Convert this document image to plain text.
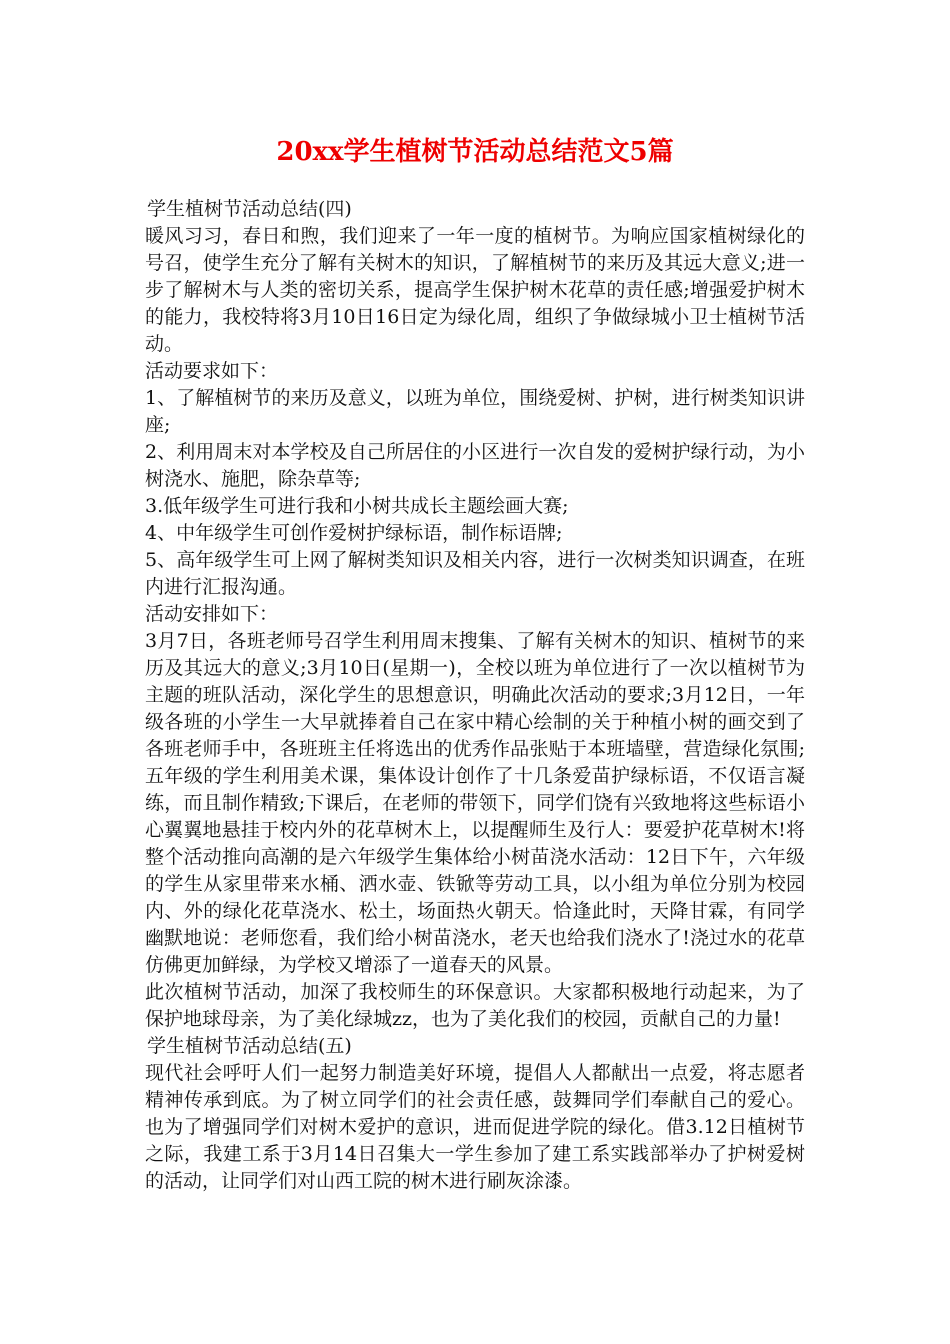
20xx学生植树节活动总结范文5篇

学生植树节活动总结(四)

暖风习习，春日和煦，我们迎来了一年一度的植树节。为响应国家植树绿化的号召，使学生充分了解有关树木的知识，了解植树节的来历及其远大意义;进一步了解树木与人类的密切关系，提高学生保护树木花草的责任感;增强爱护树木的能力，我校特将3月10日16日定为绿化周，组织了争做绿城小卫士植树节活动。

活动要求如下：

1、了解植树节的来历及意义，以班为单位，围绕爱树、护树，进行树类知识讲座;

2、利用周末对本学校及自己所居住的小区进行一次自发的爱树护绿行动，为小树浇水、施肥，除杂草等;

3.低年级学生可进行我和小树共成长主题绘画大赛;

4、中年级学生可创作爱树护绿标语，制作标语牌;

5、高年级学生可上网了解树类知识及相关内容，进行一次树类知识调查，在班内进行汇报沟通。

活动安排如下：

3月7日，各班老师号召学生利用周末搜集、了解有关树木的知识、植树节的来历及其远大的意义;3月10日(星期一)，全校以班为单位进行了一次以植树节为主题的班队活动，深化学生的思想意识，明确此次活动的要求;3月12日，一年级各班的小学生一大早就捧着自己在家中精心绘制的关于种植小树的画交到了各班老师手中，各班班主任将选出的优秀作品张贴于本班墙壁，营造绿化氛围;五年级的学生利用美术课，集体设计创作了十几条爱苗护绿标语，不仅语言凝练，而且制作精致;下课后，在老师的带领下，同学们饶有兴致地将这些标语小心翼翼地悬挂于校内外的花草树木上，以提醒师生及行人：要爱护花草树木!将整个活动推向高潮的是六年级学生集体给小树苗浇水活动：12日下午，六年级的学生从家里带来水桶、洒水壶、铁锨等劳动工具，以小组为单位分别为校园内、外的绿化花草浇水、松土，场面热火朝天。恰逢此时，天降甘霖，有同学幽默地说：老师您看，我们给小树苗浇水，老天也给我们浇水了!浇过水的花草仿佛更加鲜绿，为学校又增添了一道春天的风景。

此次植树节活动，加深了我校师生的环保意识。大家都积极地行动起来，为了保护地球母亲，为了美化绿城zz，也为了美化我们的校园，贡献自己的力量!

学生植树节活动总结(五)

现代社会呼吁人们一起努力制造美好环境，提倡人人都献出一点爱，将志愿者精神传承到底。为了树立同学们的社会责任感，鼓舞同学们奉献自己的爱心。也为了增强同学们对树木爱护的意识，进而促进学院的绿化。借3.12日植树节之际，我建工系于3月14日召集大一学生参加了建工系实践部举办了护树爱树的活动，让同学们对山西工院的树木进行刷灰涂漆。
